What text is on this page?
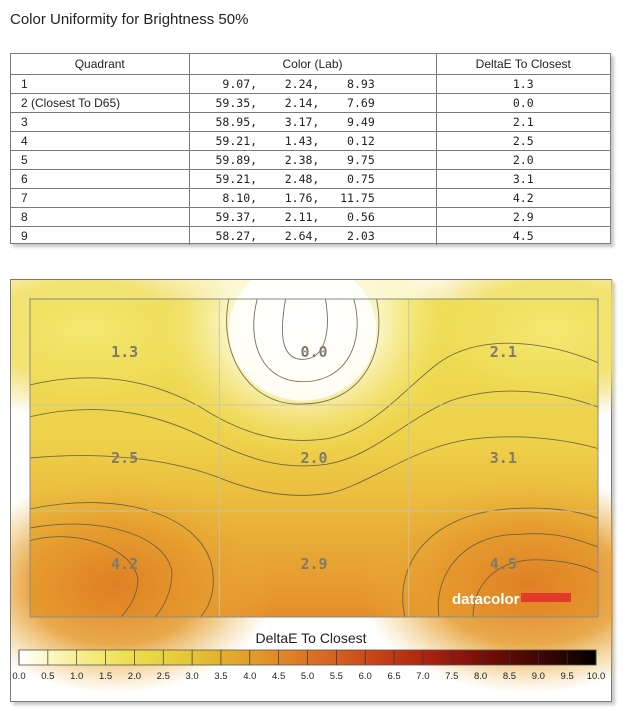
Color Uniformity for Brightness 50%
Quadrant	Color (Lab)	DeltaE To Closest
1	9.07,    2.24,    8.93	1.3
2 (Closest To D65)	59.35,    2.14,    7.69	0.0
3	58.95,    3.17,    9.49	2.1
4	59.21,    1.43,    0.12	2.5
5	59.89,    2.38,    9.75	2.0
6	59.21,    2.48,    0.75	3.1
7	8.10,    1.76,   11.75	4.2
8	59.37,    2.11,    0.56	2.9
9	58.27,    2.64,    2.03	4.5
1.3	0.0	2.1
2.5	2.0	3.1
4.2	2.9	4.5
datacolor
DeltaE To Closest
0.0 0.5 1.0 1.5 2.0 2.5 3.0 3.5 4.0 4.5 5.0 5.5 6.0 6.5 7.0 7.5 8.0 8.5 9.0 9.5 10.0
